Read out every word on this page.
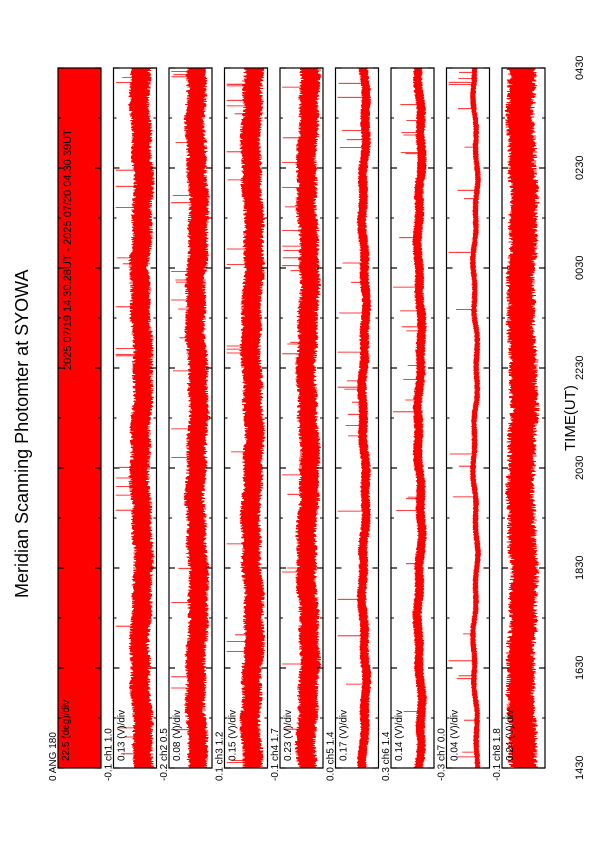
0 ANG 180 22.5 (deg)/div	-0.1 ch1 1.0 0.13 (V)/div	-0.2 ch2 0.5 0.08 (V)/div	0.1 ch3 1.2 0.15 (V)/div	-0.1 ch4 1.7 0.23 (V)/div	0.0 ch5 1.4 0.17 (V)/div	0.3 ch6 1.4 0.14 (V)/div	-0.3 ch7 0.0 0.04 (V)/div	-0.1 ch8 1.8 0.24 (V)/div
1430
1630
1830
2030
2230
0030
0230
0430
Meridian Scanning Photomter at SYOWA
2025 07/19 14:30:28UT - 2025 07/20 04:30:39UT
TIME(UT)
